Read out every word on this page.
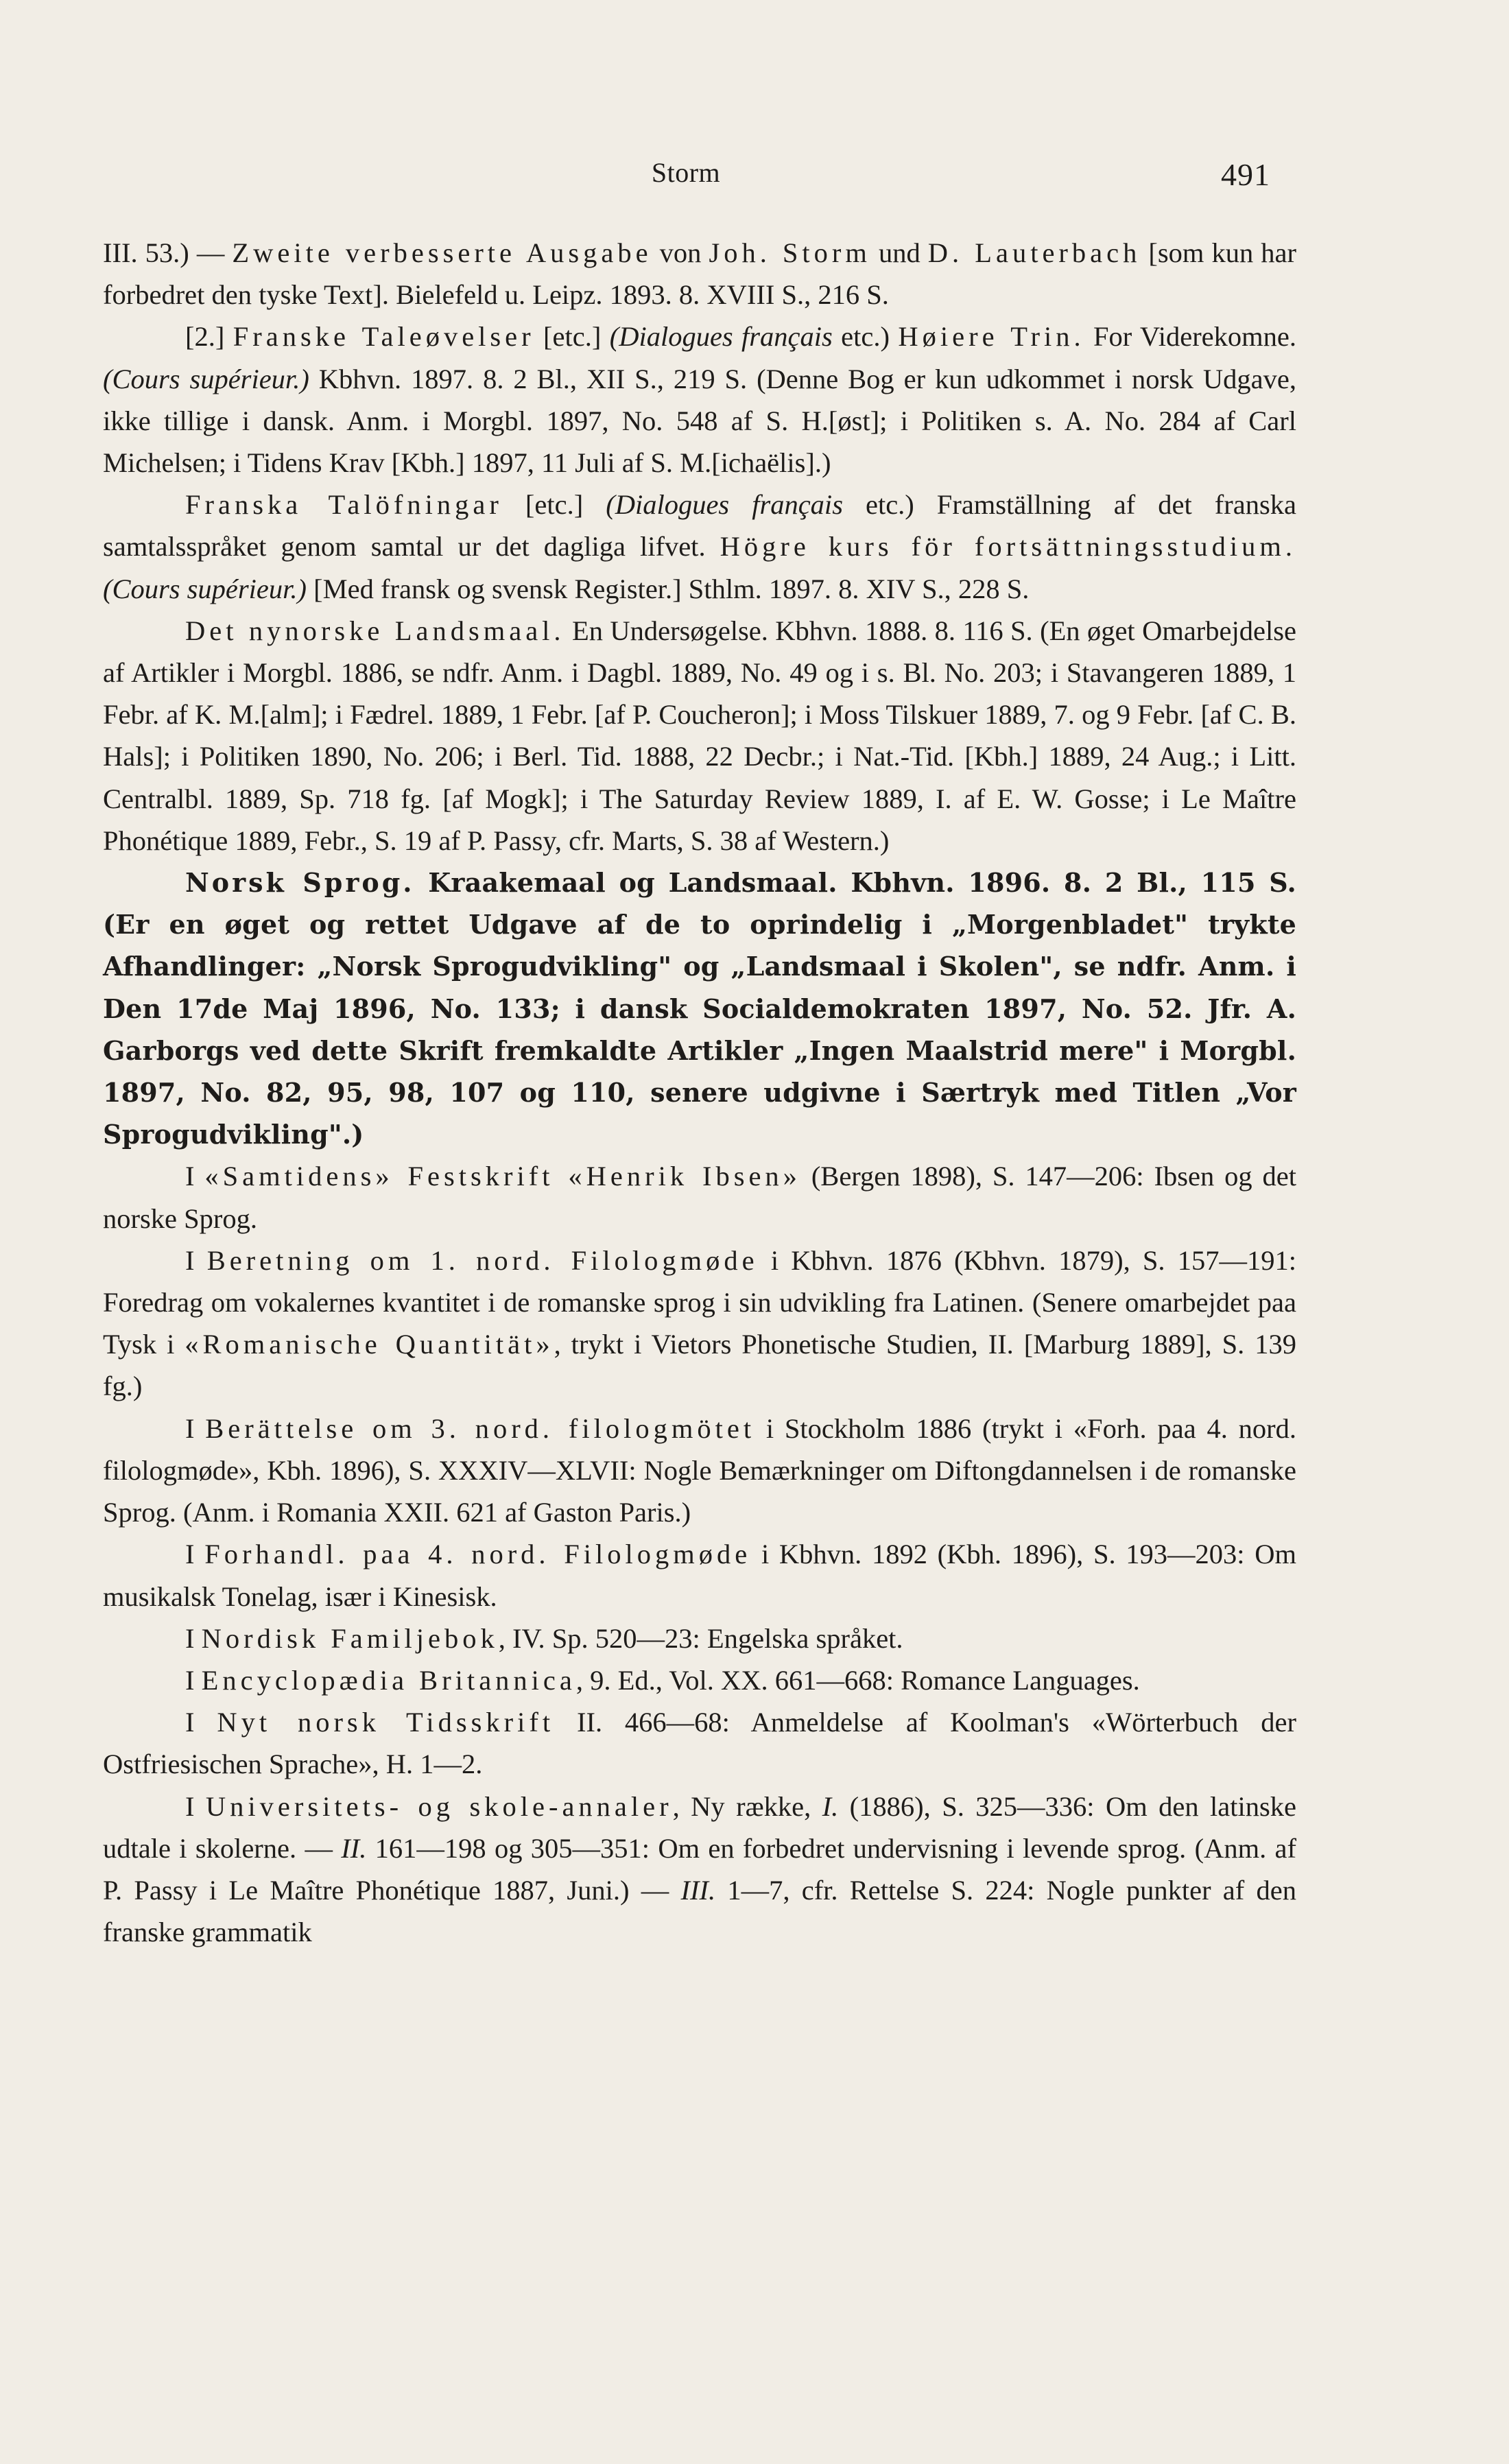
Storm	491

III. 53.) — Zweite verbesserte Ausgabe von Joh. Storm und D. Lauterbach [som kun har forbedret den tyske Text]. Bielefeld u. Leipz. 1893. 8. XVIII S., 216 S.

[2.] Franske Taleøvelser [etc.] (Dialogues français etc.) Høiere Trin. For Viderekomne. (Cours supérieur.) Kbhvn. 1897. 8. 2 Bl., XII S., 219 S. (Denne Bog er kun udkommet i norsk Udgave, ikke tillige i dansk. Anm. i Morgbl. 1897, No. 548 af S. H.[øst]; i Politiken s. A. No. 284 af Carl Michelsen; i Tidens Krav [Kbh.] 1897, 11 Juli af S. M.[ichaëlis].)

Franska Talöfningar [etc.] (Dialogues français etc.) Framställning af det franska samtalsspråket genom samtal ur det dagliga lifvet. Högre kurs för fortsättningsstudium. (Cours supérieur.) [Med fransk og svensk Register.] Sthlm. 1897. 8. XIV S., 228 S.

Det nynorske Landsmaal. En Undersøgelse. Kbhvn. 1888. 8. 116 S. (En øget Omarbejdelse af Artikler i Morgbl. 1886, se ndfr. Anm. i Dagbl. 1889, No. 49 og i s. Bl. No. 203; i Stavangeren 1889, 1 Febr. af K. M.[alm]; i Fædrel. 1889, 1 Febr. [af P. Coucheron]; i Moss Tilskuer 1889, 7. og 9 Febr. [af C. B. Hals]; i Politiken 1890, No. 206; i Berl. Tid. 1888, 22 Decbr.; i Nat.-Tid. [Kbh.] 1889, 24 Aug.; i Litt. Centralbl. 1889, Sp. 718 fg. [af Mogk]; i The Saturday Review 1889, I. af E. W. Gosse; i Le Maître Phonétique 1889, Febr., S. 19 af P. Passy, cfr. Marts, S. 38 af Western.)

Norsk Sprog. Kraakemaal og Landsmaal. Kbhvn. 1896. 8. 2 Bl., 115 S. (Er en øget og rettet Udgave af de to oprindelig i „Morgenbladet" trykte Afhandlinger: „Norsk Sprogudvikling" og „Landsmaal i Skolen", se ndfr. Anm. i Den 17de Maj 1896, No. 133; i dansk Socialdemokraten 1897, No. 52. Jfr. A. Garborgs ved dette Skrift fremkaldte Artikler „Ingen Maalstrid mere" i Morgbl. 1897, No. 82, 95, 98, 107 og 110, senere udgivne i Særtryk med Titlen „Vor Sprogudvikling".)

I «Samtidens» Festskrift «Henrik Ibsen» (Bergen 1898), S. 147—206: Ibsen og det norske Sprog.

I Beretning om 1. nord. Filologmøde i Kbhvn. 1876 (Kbhvn. 1879), S. 157—191: Foredrag om vokalernes kvantitet i de romanske sprog i sin udvikling fra Latinen. (Senere omarbejdet paa Tysk i «Romanische Quantität», trykt i Vietors Phonetische Studien, II. [Marburg 1889], S. 139 fg.)

I Berättelse om 3. nord. filologmötet i Stockholm 1886 (trykt i «Forh. paa 4. nord. filologmøde», Kbh. 1896), S. XXXIV—XLVII: Nogle Bemærkninger om Diftongdannelsen i de romanske Sprog. (Anm. i Romania XXII. 621 af Gaston Paris.)

I Forhandl. paa 4. nord. Filologmøde i Kbhvn. 1892 (Kbh. 1896), S. 193—203: Om musikalsk Tonelag, især i Kinesisk.

I Nordisk Familjebok, IV. Sp. 520—23: Engelska språket.

I Encyclopædia Britannica, 9. Ed., Vol. XX. 661—668: Romance Languages.

I Nyt norsk Tidsskrift II. 466—68: Anmeldelse af Koolman's «Wörterbuch der Ostfriesischen Sprache», H. 1—2.

I Universitets- og skole-annaler, Ny række, I. (1886), S. 325—336: Om den latinske udtale i skolerne. — II. 161—198 og 305—351: Om en forbedret undervisning i levende sprog. (Anm. af P. Passy i Le Maître Phonétique 1887, Juni.) — III. 1—7, cfr. Rettelse S. 224: Nogle punkter af den franske grammatik
